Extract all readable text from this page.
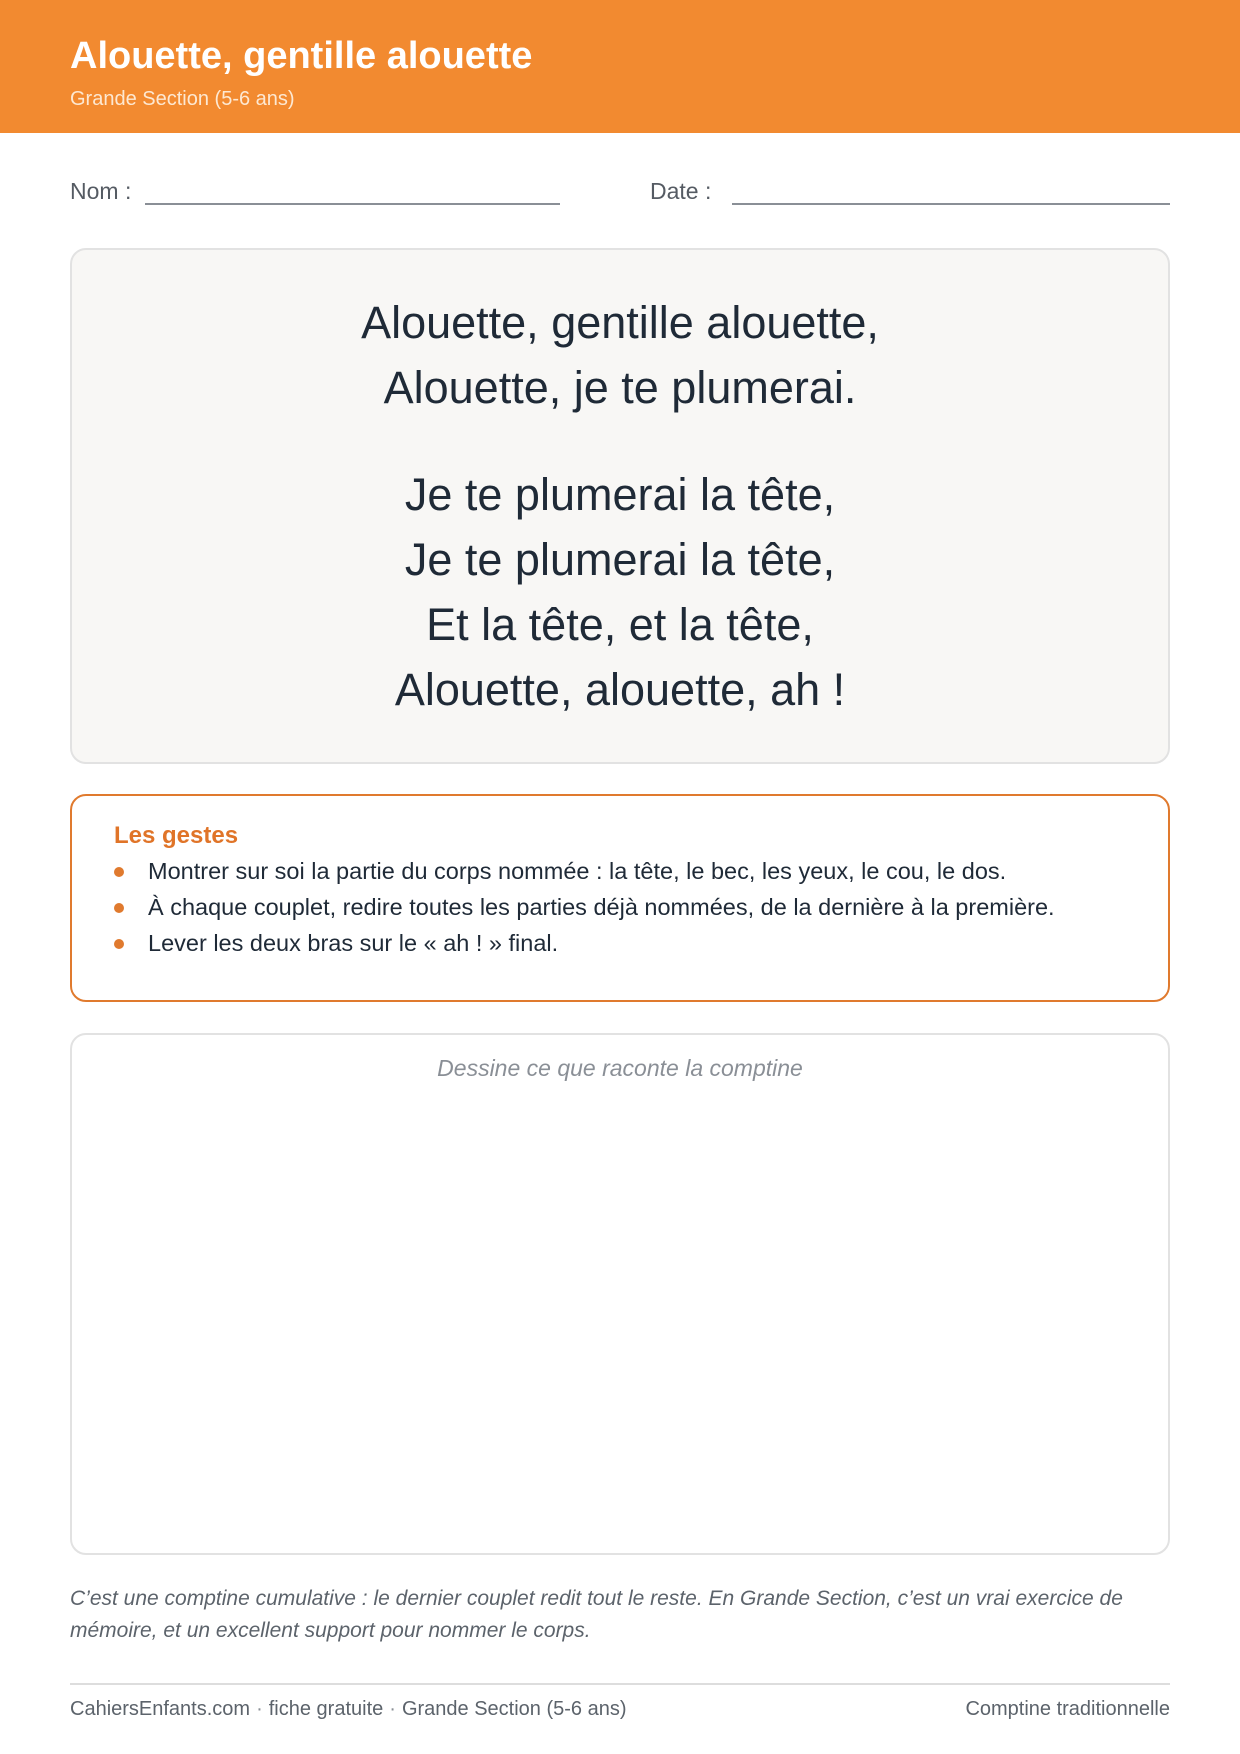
Alouette, gentille alouette
Grande Section (5-6 ans)
Nom :	Date :
Alouette, gentille alouette,
Alouette, je te plumerai.
Je te plumerai la tête,
Je te plumerai la tête,
Et la tête, et la tête,
Alouette, alouette, ah !
Les gestes
Montrer sur soi la partie du corps nommée : la tête, le bec, les yeux, le cou, le dos.
À chaque couplet, redire toutes les parties déjà nommées, de la dernière à la première.
Lever les deux bras sur le « ah ! » final.
Dessine ce que raconte la comptine
C’est une comptine cumulative : le dernier couplet redit tout le reste. En Grande Section, c’est un vrai exercice de mémoire, et un excellent support pour nommer le corps.
CahiersEnfants.com · fiche gratuite · Grande Section (5-6 ans)	Comptine traditionnelle
